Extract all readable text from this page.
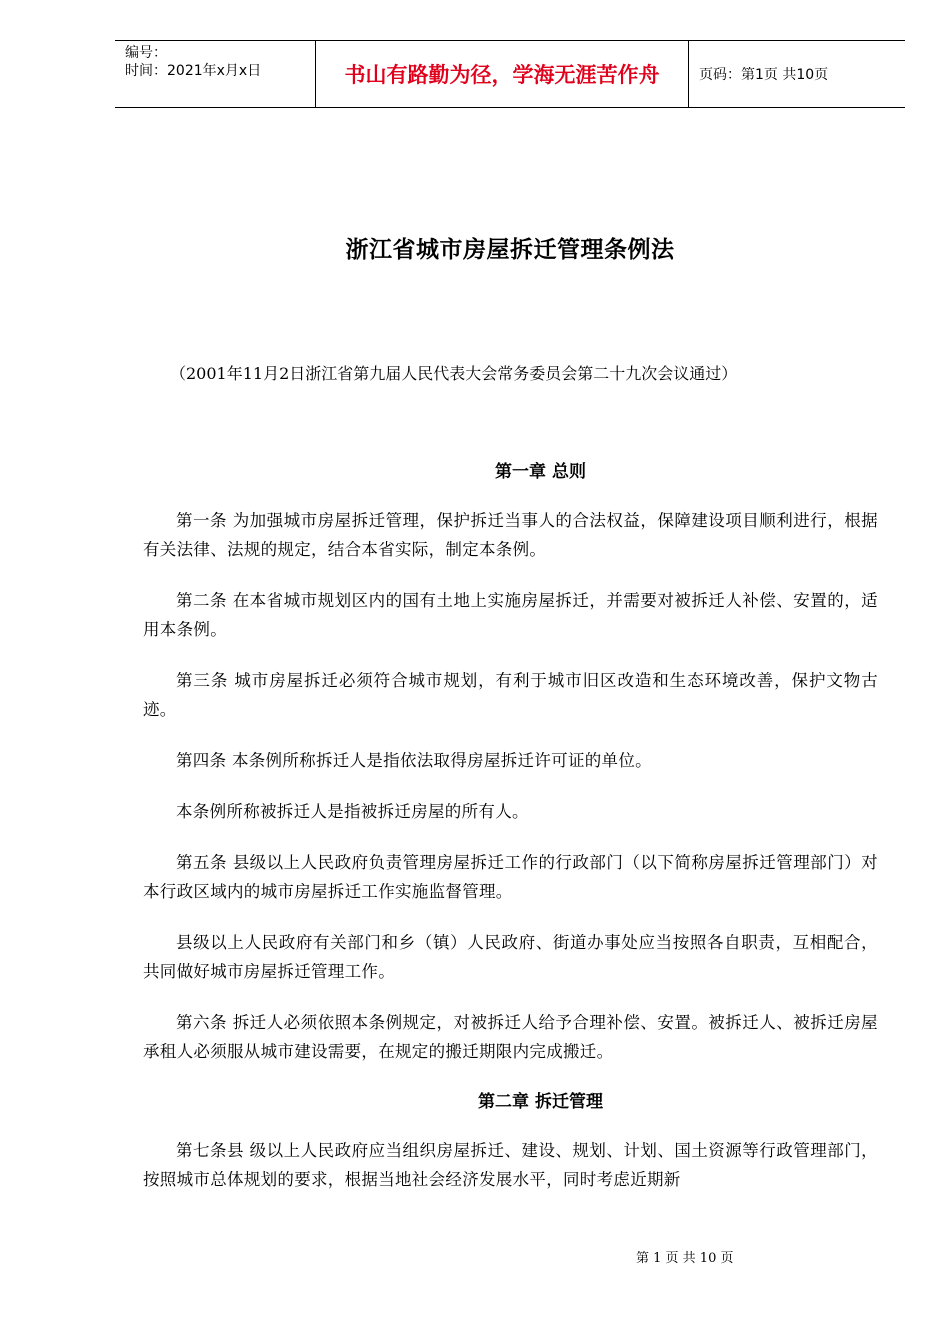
编号：
时间：2021年x月x日	书山有路勤为径，学海无涯苦作舟	页码：第1页 共10页
浙江省城市房屋拆迁管理条例法
（2001年11月2日浙江省第九届人民代表大会常务委员会第二十九次会议通过）
第一章 总则

第一条 为加强城市房屋拆迁管理，保护拆迁当事人的合法权益，保障建设项目顺利进行，根据有关法律、法规的规定，结合本省实际，制定本条例。

第二条 在本省城市规划区内的国有土地上实施房屋拆迁，并需要对被拆迁人补偿、安置的，适用本条例。

第三条 城市房屋拆迁必须符合城市规划，有利于城市旧区改造和生态环境改善，保护文物古迹。

第四条 本条例所称拆迁人是指依法取得房屋拆迁许可证的单位。

本条例所称被拆迁人是指被拆迁房屋的所有人。

第五条 县级以上人民政府负责管理房屋拆迁工作的行政部门（以下简称房屋拆迁管理部门）对本行政区域内的城市房屋拆迁工作实施监督管理。

县级以上人民政府有关部门和乡（镇）人民政府、街道办事处应当按照各自职责，互相配合，共同做好城市房屋拆迁管理工作。

第六条 拆迁人必须依照本条例规定，对被拆迁人给予合理补偿、安置。被拆迁人、被拆迁房屋承租人必须服从城市建设需要，在规定的搬迁期限内完成搬迁。

第二章 拆迁管理

第七条县 级以上人民政府应当组织房屋拆迁、建设、规划、计划、国土资源等行政管理部门，按照城市总体规划的要求，根据当地社会经济发展水平，同时考虑近期新

第 1 页 共 10 页
